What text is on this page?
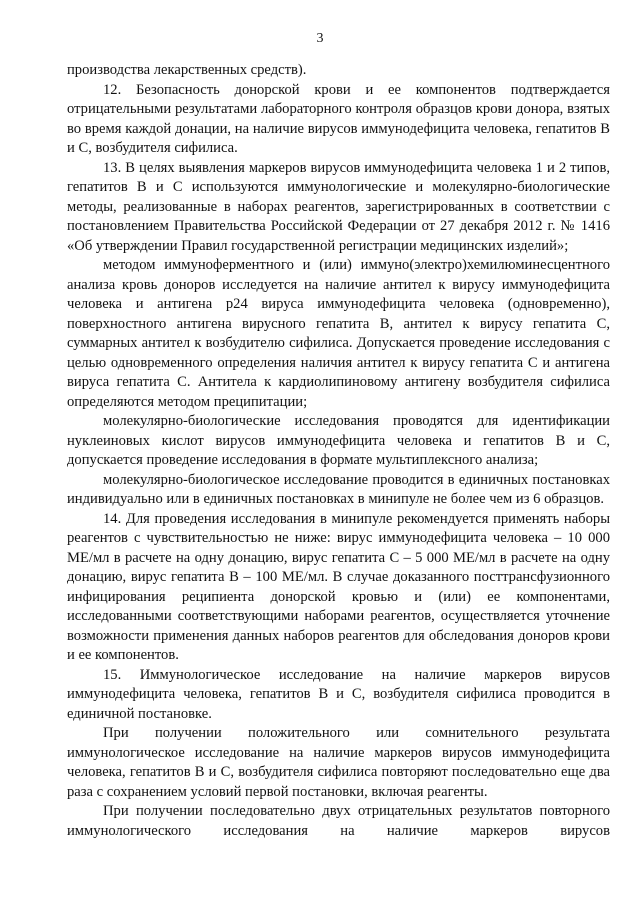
3

производства лекарственных средств).

12. Безопасность донорской крови и ее компонентов подтверждается отрицательными результатами лабораторного контроля образцов крови донора, взятых во время каждой донации, на наличие вирусов иммунодефицита человека, гепатитов B и C, возбудителя сифилиса.

13. В целях выявления маркеров вирусов иммунодефицита человека 1 и 2 типов, гепатитов B и C используются иммунологические и молекулярно-биологические методы, реализованные в наборах реагентов, зарегистрированных в соответствии с постановлением Правительства Российской Федерации от 27 декабря 2012 г. № 1416 «Об утверждении Правил государственной регистрации медицинских изделий»;

методом иммуноферментного и (или) иммуно(электро)хемилюминесцентного анализа кровь доноров исследуется на наличие антител к вирусу иммунодефицита человека и антигена p24 вируса иммунодефицита человека (одновременно), поверхностного антигена вирусного гепатита B, антител к вирусу гепатита C, суммарных антител к возбудителю сифилиса. Допускается проведение исследования с целью одновременного определения наличия антител к вирусу гепатита C и антигена вируса гепатита C. Антитела к кардиолипиновому антигену возбудителя сифилиса определяются методом преципитации;

молекулярно-биологические исследования проводятся для идентификации нуклеиновых кислот вирусов иммунодефицита человека и гепатитов B и C, допускается проведение исследования в формате мультиплексного анализа;

молекулярно-биологическое исследование проводится в единичных постановках индивидуально или в единичных постановках в минипуле не более чем из 6 образцов.

14. Для проведения исследования в минипуле рекомендуется применять наборы реагентов с чувствительностью не ниже: вирус иммунодефицита человека – 10 000 МЕ/мл в расчете на одну донацию, вирус гепатита C – 5 000 МЕ/мл в расчете на одну донацию, вирус гепатита B – 100 МЕ/мл. В случае доказанного посттрансфузионного инфицирования реципиента донорской кровью и (или) ее компонентами, исследованными соответствующими наборами реагентов, осуществляется уточнение возможности применения данных наборов реагентов для обследования доноров крови и ее компонентов.

15. Иммунологическое исследование на наличие маркеров вирусов иммунодефицита человека, гепатитов B и C, возбудителя сифилиса проводится в единичной постановке.

При получении положительного или сомнительного результата иммунологическое исследование на наличие маркеров вирусов иммунодефицита человека, гепатитов B и C, возбудителя сифилиса повторяют последовательно еще два раза с сохранением условий первой постановки, включая реагенты.

При получении последовательно двух отрицательных результатов повторного иммунологического исследования на наличие маркеров вирусов
